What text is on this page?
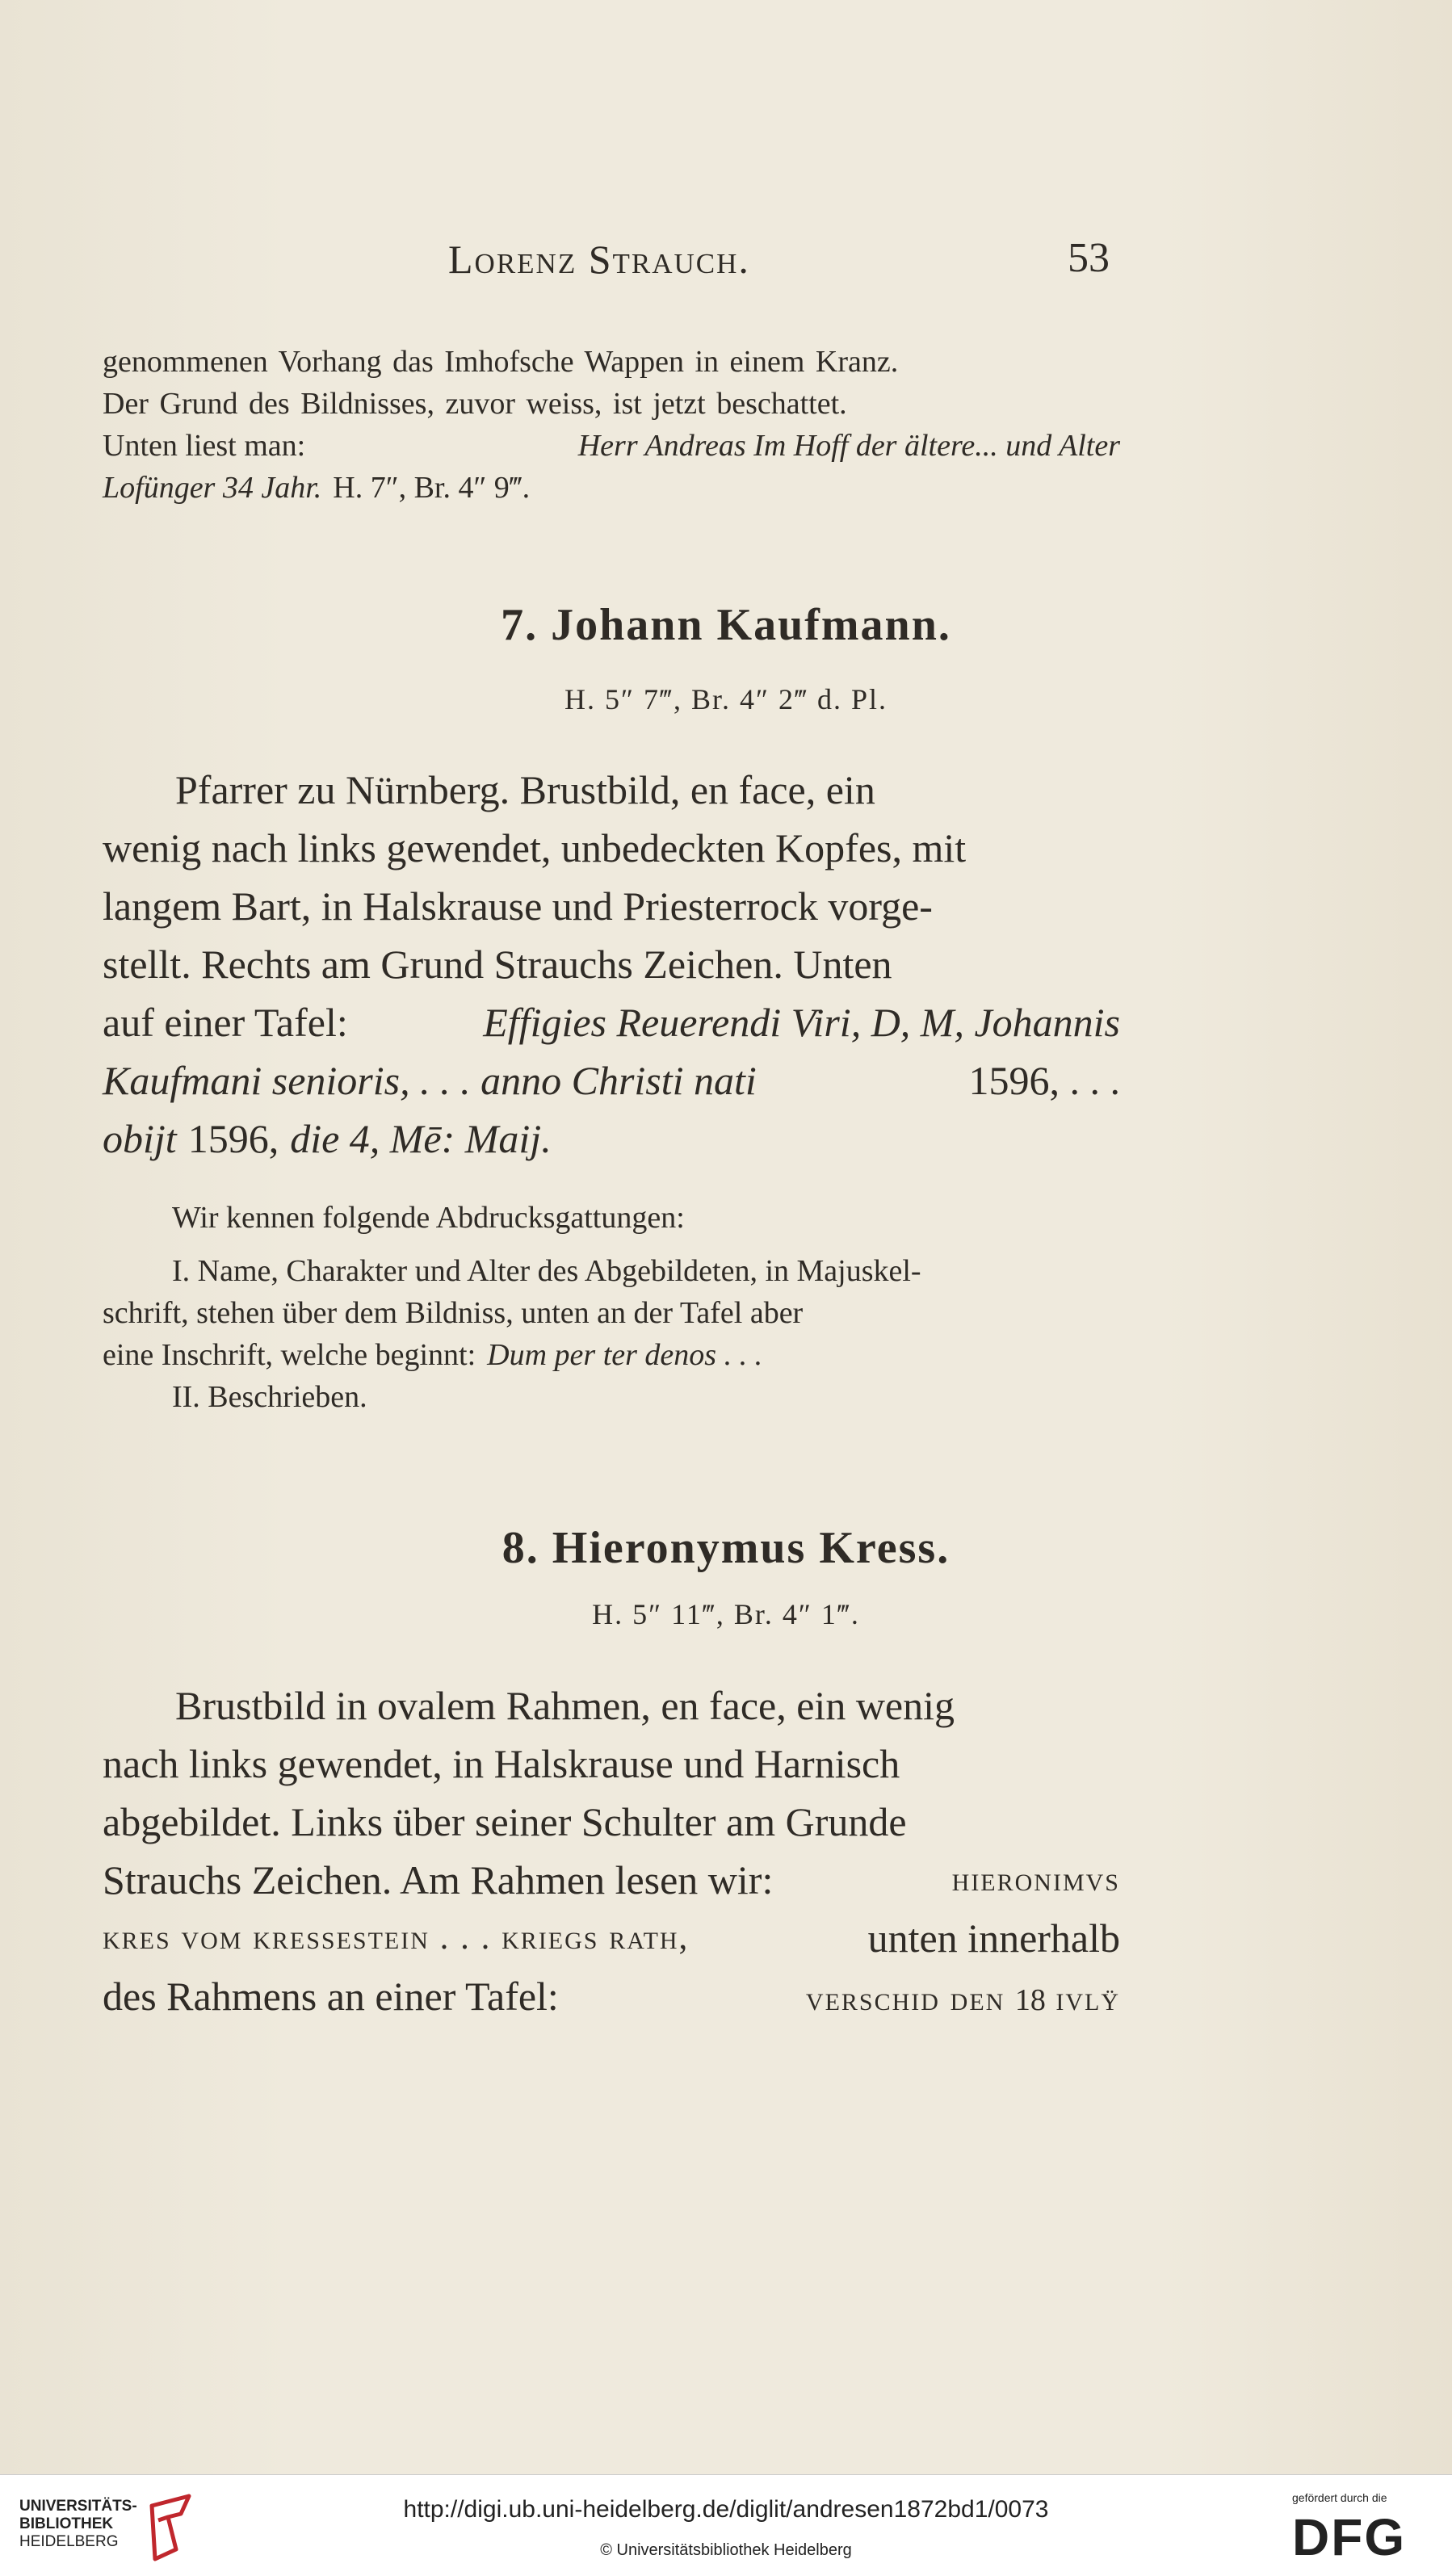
Lorenz Strauch.	53
genommenen Vorhang das Imhofsche Wappen in einem Kranz.
Der Grund des Bildnisses, zuvor weiss, ist jetzt beschattet.
Unten liest man:	Herr Andreas Im Hoff der ältere... und Alter
Lofünger 34 Jahr. H. 7″, Br. 4″ 9‴.
7. Johann Kaufmann.
H. 5″ 7‴, Br. 4″ 2‴ d. Pl.
Pfarrer zu Nürnberg. Brustbild, en face, ein
wenig nach links gewendet, unbedeckten Kopfes, mit
langem Bart, in Halskrause und Priesterrock vorge-
stellt. Rechts am Grund Strauchs Zeichen. Unten
auf einer Tafel:	Effigies Reuerendi Viri, D, M, Johannis
Kaufmani senioris, . . . anno Christi nati	1596, . . .
obijt 1596, die 4, Mē: Maij.
Wir kennen folgende Abdrucksgattungen:
I. Name, Charakter und Alter des Abgebildeten, in Majuskel-
schrift, stehen über dem Bildniss, unten an der Tafel aber
eine Inschrift, welche beginnt: Dum per ter denos . . .
II. Beschrieben.
8. Hieronymus Kress.
H. 5″ 11‴, Br. 4″ 1‴.
Brustbild in ovalem Rahmen, en face, ein wenig
nach links gewendet, in Halskrause und Harnisch
abgebildet. Links über seiner Schulter am Grunde
Strauchs Zeichen. Am Rahmen lesen wir:	hieronimvs
kres vom kressestein . . . kriegs rath,	unten innerhalb
des Rahmens an einer Tafel:	verschid den 18 ivlÿ
UNIVERSITÄTS-
BIBLIOTHEK
HEIDELBERG
http://digi.ub.uni-heidelberg.de/diglit/andresen1872bd1/0073
© Universitätsbibliothek Heidelberg
gefördert durch die
DFG
